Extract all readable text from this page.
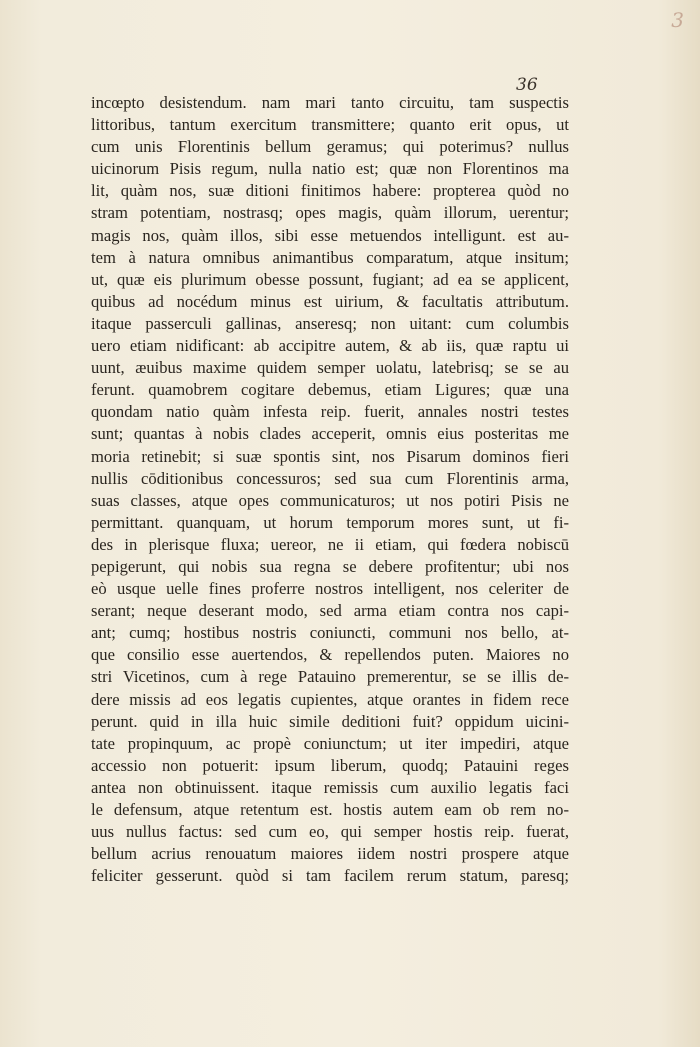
3
36
incœpto desistendum. nam mari tanto circuitu, tam suspectis
littoribus, tantum exercitum transmittere; quanto erit opus, ut
cum unis Florentinis bellum geramus; qui poterimus? nullus
uicinorum Pisis regum, nulla natio est; quæ non Florentinos ma
lit, quàm nos, suæ ditioni finitimos habere: propterea quòd no
stram potentiam, nostrasq; opes magis, quàm illorum, uerentur;
magis nos, quàm illos, sibi esse metuendos intelligunt. est au-
tem à natura omnibus animantibus comparatum, atque insitum;
ut, quæ eis plurimum obesse possunt, fugiant; ad ea se applicent,
quibus ad nocédum minus est uirium, & facultatis attributum.
itaque passerculi gallinas, anseresq; non uitant: cum columbis
uero etiam nidificant: ab accipitre autem, & ab iis, quæ raptu ui
uunt, æuibus maxime quidem semper uolatu, latebrisq; se se au
ferunt. quamobrem cogitare debemus, etiam Ligures; quæ una
quondam natio quàm infesta reip. fuerit, annales nostri testes
sunt; quantas à nobis clades acceperit, omnis eius posteritas me
moria retinebit; si suæ spontis sint, nos Pisarum dominos fieri
nullis cōditionibus concessuros; sed sua cum Florentinis arma,
suas classes, atque opes communicaturos; ut nos potiri Pisis ne
permittant. quanquam, ut horum temporum mores sunt, ut fi-
des in plerisque fluxa; uereor, ne ii etiam, qui fœdera nobiscū
pepigerunt, qui nobis sua regna se debere profitentur; ubi nos
eò usque uelle fines proferre nostros intelligent, nos celeriter de
serant; neque deserant modo, sed arma etiam contra nos capi-
ant; cumq; hostibus nostris coniuncti, communi nos bello, at-
que consilio esse auertendos, & repellendos puten. Maiores no
stri Vicetinos, cum à rege Patauino premerentur, se se illis de-
dere missis ad eos legatis cupientes, atque orantes in fidem rece
perunt. quid in illa huic simile deditioni fuit? oppidum uicini-
tate propinquum, ac propè coniunctum; ut iter impediri, atque
accessio non potuerit: ipsum liberum, quodq; Patauini reges
antea non obtinuissent. itaque remissis cum auxilio legatis faci
le defensum, atque retentum est. hostis autem eam ob rem no-
uus nullus factus: sed cum eo, qui semper hostis reip. fuerat,
bellum acrius renouatum maiores iidem nostri prospere atque
feliciter gesserunt. quòd si tam facilem rerum statum, paresq;
